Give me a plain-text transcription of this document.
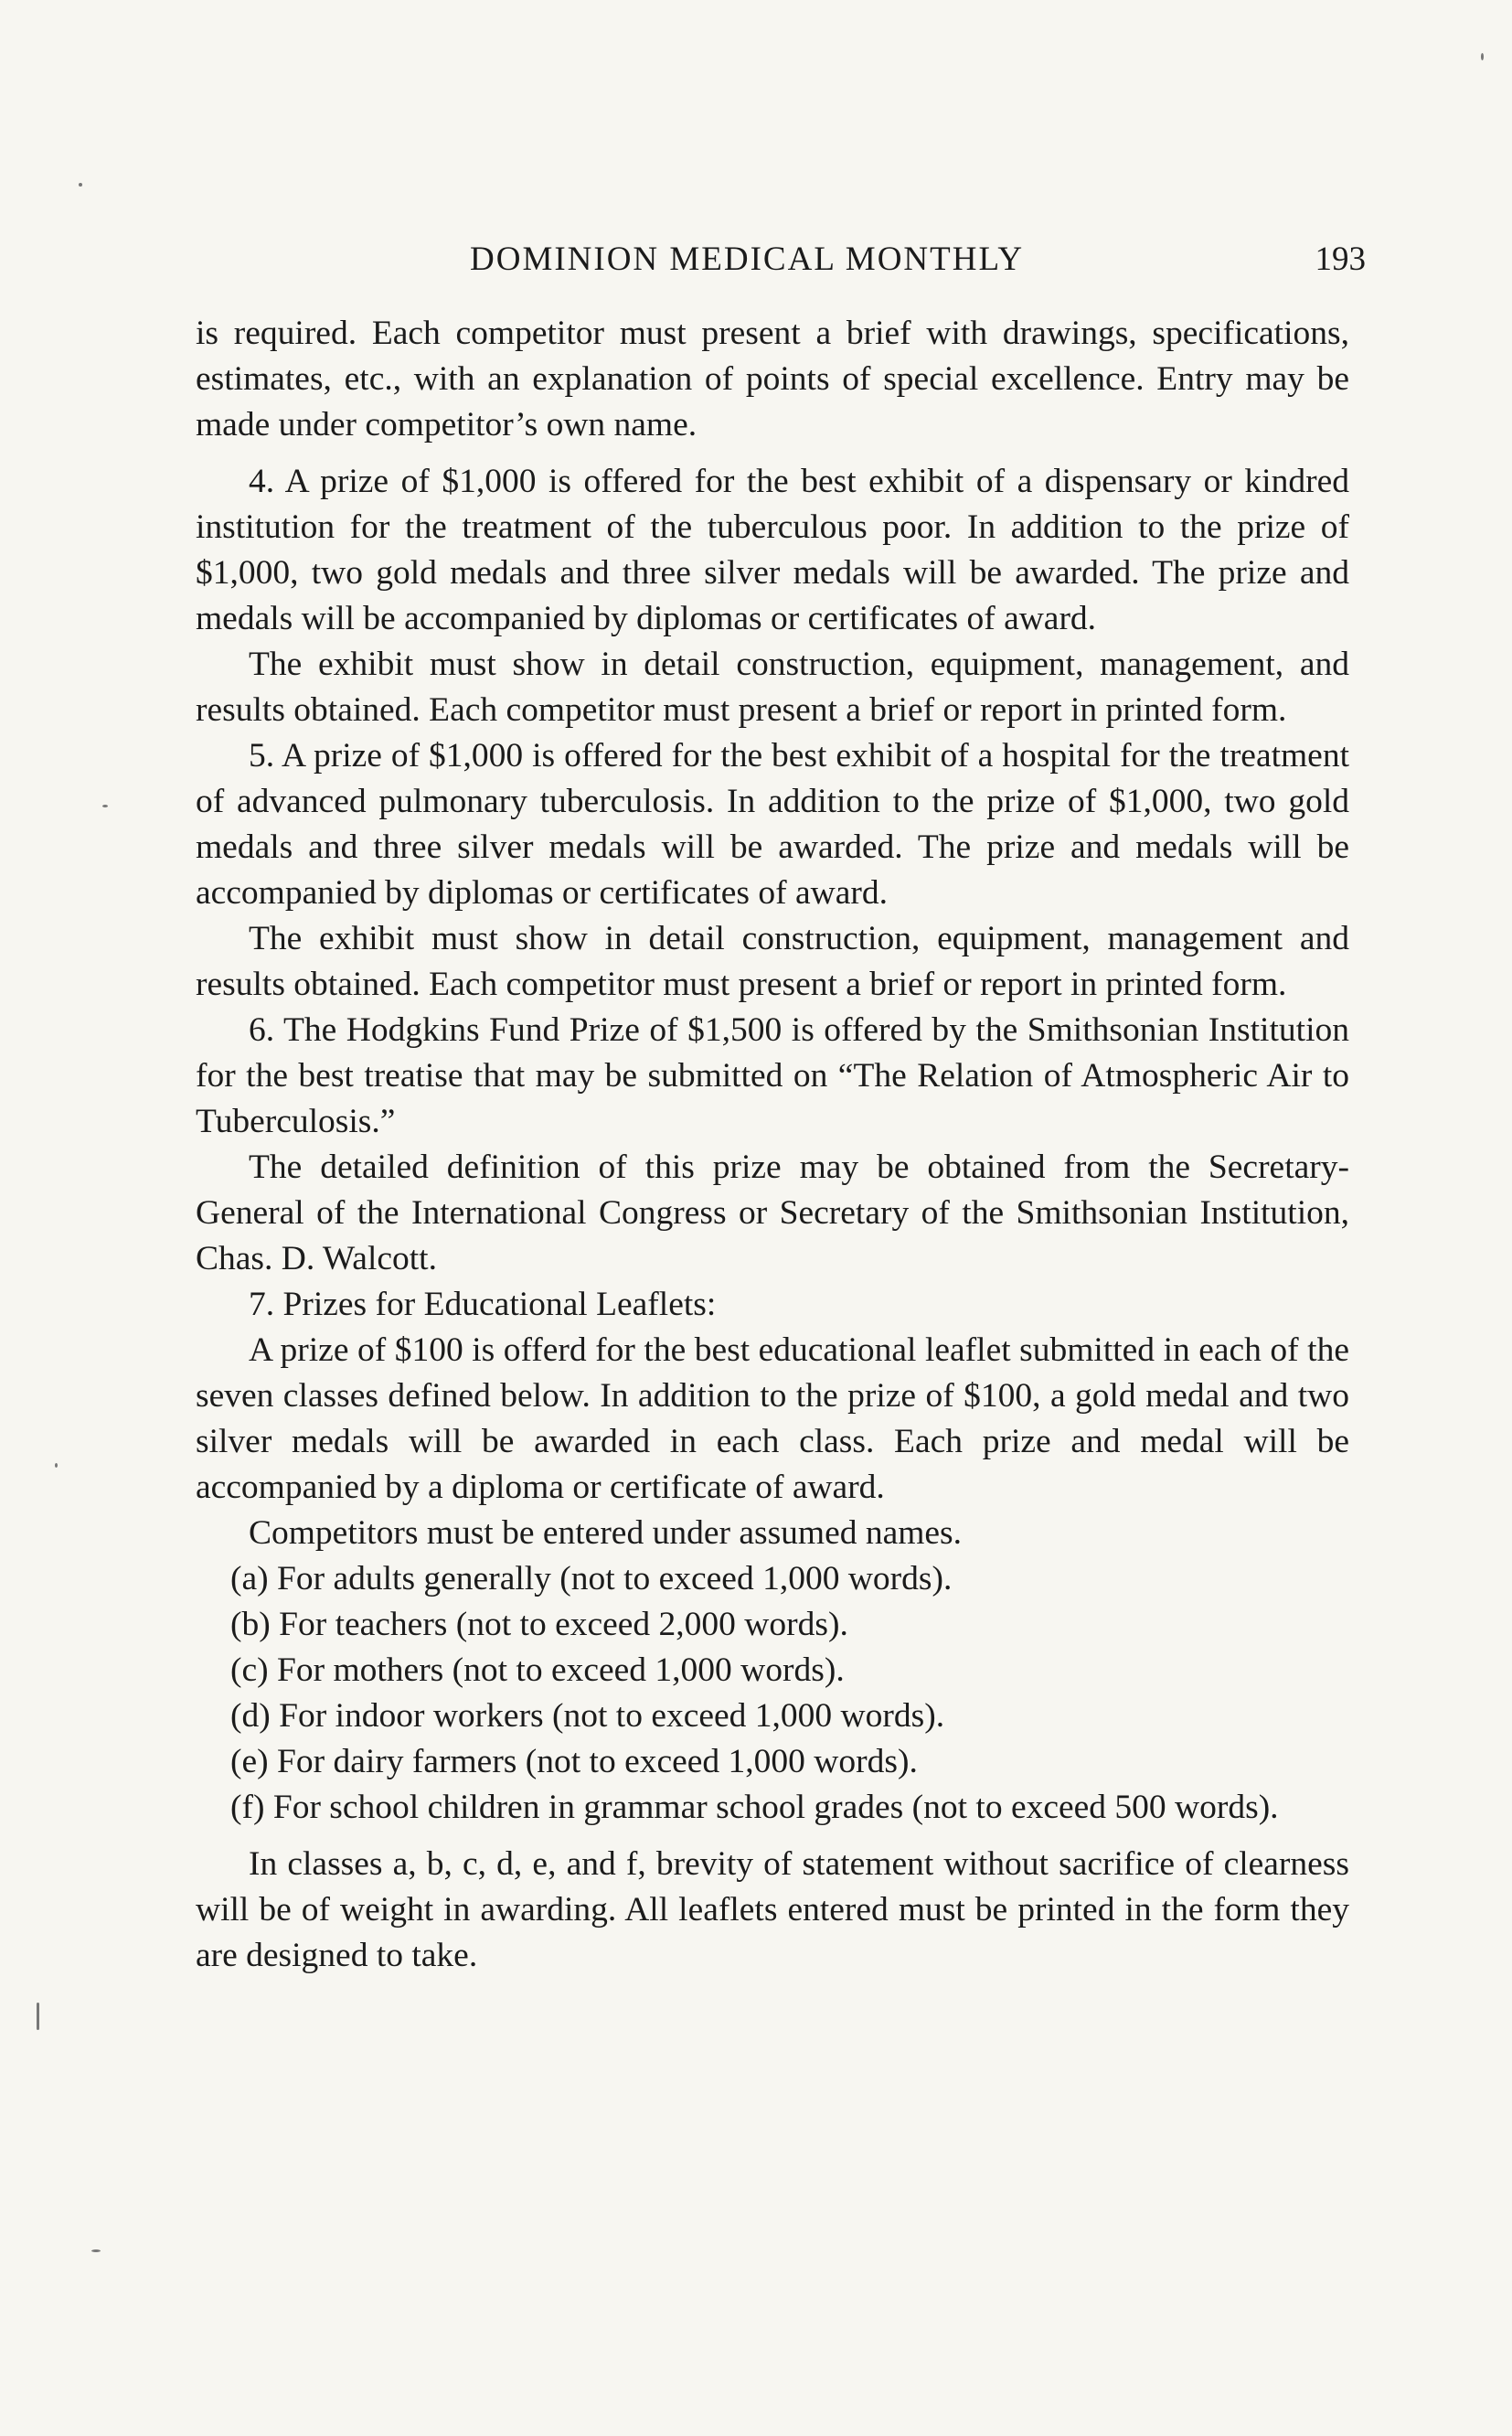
DOMINION MEDICAL MONTHLY	193

is required. Each competitor must present a brief with drawings, specifications, estimates, etc., with an explanation of points of special excellence. Entry may be made under competitor’s own name.

4. A prize of $1,000 is offered for the best exhibit of a dispensary or kindred institution for the treatment of the tuberculous poor. In addition to the prize of $1,000, two gold medals and three silver medals will be awarded. The prize and medals will be accompanied by diplomas or certificates of award.

The exhibit must show in detail construction, equipment, management, and results obtained. Each competitor must present a brief or report in printed form.

5. A prize of $1,000 is offered for the best exhibit of a hospital for the treatment of advanced pulmonary tuberculosis. In addition to the prize of $1,000, two gold medals and three silver medals will be awarded. The prize and medals will be accompanied by diplomas or certificates of award.

The exhibit must show in detail construction, equipment, management and results obtained. Each competitor must present a brief or report in printed form.

6. The Hodgkins Fund Prize of $1,500 is offered by the Smithsonian Institution for the best treatise that may be submitted on “The Relation of Atmospheric Air to Tuberculosis.”

The detailed definition of this prize may be obtained from the Secretary-General of the International Congress or Secretary of the Smithsonian Institution, Chas. D. Walcott.

7. Prizes for Educational Leaflets:

A prize of $100 is offerd for the best educational leaflet submitted in each of the seven classes defined below. In addition to the prize of $100, a gold medal and two silver medals will be awarded in each class. Each prize and medal will be accompanied by a diploma or certificate of award.

Competitors must be entered under assumed names.

(a) For adults generally (not to exceed 1,000 words).

(b) For teachers (not to exceed 2,000 words).

(c) For mothers (not to exceed 1,000 words).

(d) For indoor workers (not to exceed 1,000 words).

(e) For dairy farmers (not to exceed 1,000 words).

(f) For school children in grammar school grades (not to exceed 500 words).

In classes a, b, c, d, e, and f, brevity of statement without sacrifice of clearness will be of weight in awarding. All leaflets entered must be printed in the form they are designed to take.
